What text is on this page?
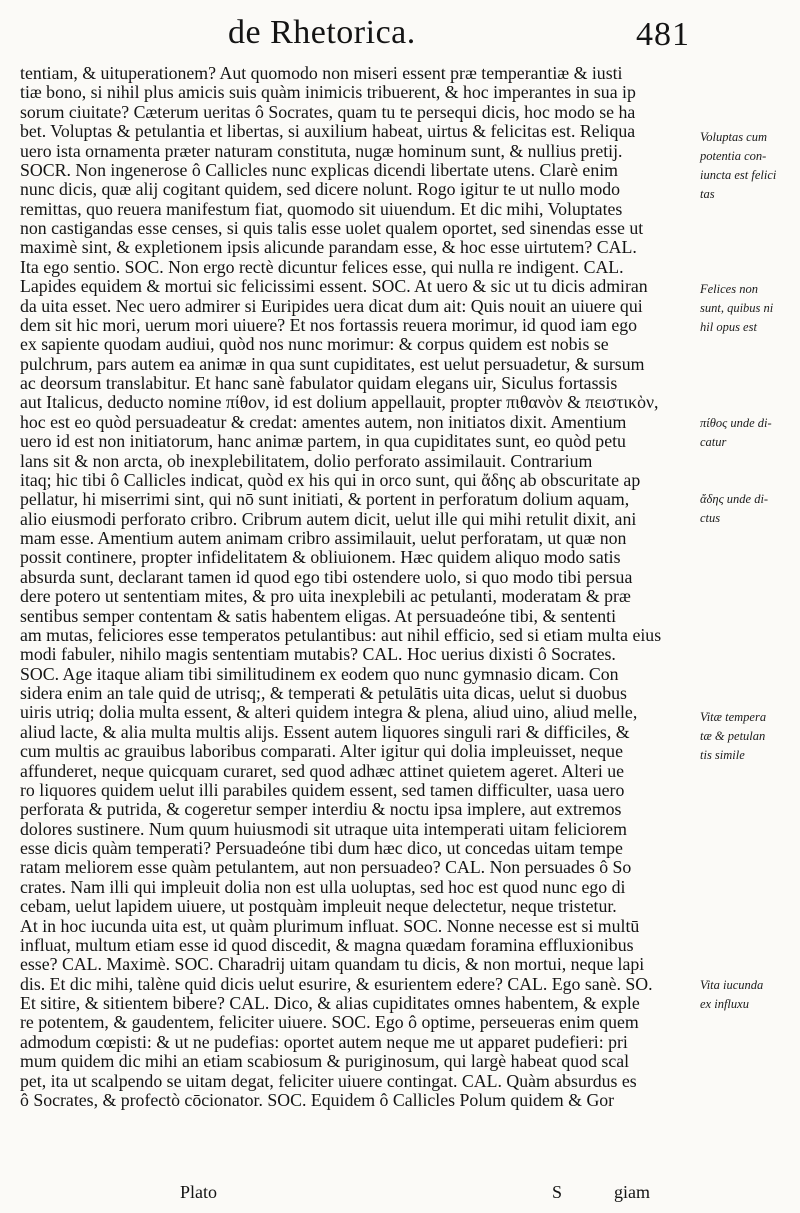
de Rhetorica.	481
tentiam, & uituperationem? Aut quomodo non miseri essent præ temperantiæ & iusti
tiæ bono, si nihil plus amicis suis quàm inimicis tribuerent, & hoc imperantes in sua ip
sorum ciuitate? Cæterum ueritas ô Socrates, quam tu te persequi dicis, hoc modo se ha
bet. Voluptas & petulantia et libertas, si auxilium habeat, uirtus & felicitas est. Reliqua
uero ista ornamenta præter naturam constituta, nugæ hominum sunt, & nullius pretij.
SOCR. Non ingenerose ô Callicles nunc explicas dicendi libertate utens. Clarè enim
nunc dicis, quæ alij cogitant quidem, sed dicere nolunt. Rogo igitur te ut nullo modo
remittas, quo reuera manifestum fiat, quomodo sit uiuendum. Et dic mihi, Voluptates
non castigandas esse censes, si quis talis esse uolet qualem oportet, sed sinendas esse ut
maximè sint, & expletionem ipsis alicunde parandam esse, & hoc esse uirtutem? CAL.
Ita ego sentio. SOC. Non ergo rectè dicuntur felices esse, qui nulla re indigent. CAL.
Lapides equidem & mortui sic felicissimi essent. SOC. At uero & sic ut tu dicis admiran
da uita esset. Nec uero admirer si Euripides uera dicat dum ait: Quis nouit an uiuere qui
dem sit hic mori, uerum mori uiuere? Et nos fortassis reuera morimur, id quod iam ego
ex sapiente quodam audiui, quòd nos nunc morimur: & corpus quidem est nobis se
pulchrum, pars autem ea animæ in qua sunt cupiditates, est uelut persuadetur, & sursum
ac deorsum translabitur. Et hanc sanè fabulator quidam elegans uir, Siculus fortassis
aut Italicus, deducto nomine πίθον, id est dolium appellauit, propter πιθανὸν & πειστικὸν,
hoc est eo quòd persuadeatur & credat: amentes autem, non initiatos dixit. Amentium
uero id est non initiatorum, hanc animæ partem, in qua cupiditates sunt, eo quòd petu
lans sit & non arcta, ob inexplebilitatem, dolio perforato assimilauit. Contrarium
itaq; hic tibi ô Callicles indicat, quòd ex his qui in orco sunt, qui ἄδης ab obscuritate ap
pellatur, hi miserrimi sint, qui nō sunt initiati, & portent in perforatum dolium aquam,
alio eiusmodi perforato cribro. Cribrum autem dicit, uelut ille qui mihi retulit dixit, ani
mam esse. Amentium autem animam cribro assimilauit, uelut perforatam, ut quæ non
possit continere, propter infidelitatem & obliuionem. Hæc quidem aliquo modo satis
absurda sunt, declarant tamen id quod ego tibi ostendere uolo, si quo modo tibi persua
dere potero ut sententiam mites, & pro uita inexplebili ac petulanti, moderatam & præ
sentibus semper contentam & satis habentem eligas. At persuadeóne tibi, & sententi
am mutas, feliciores esse temperatos petulantibus: aut nihil efficio, sed si etiam multa eius
modi fabuler, nihilo magis sententiam mutabis? CAL. Hoc uerius dixisti ô Socrates.
SOC. Age itaque aliam tibi similitudinem ex eodem quo nunc gymnasio dicam. Con
sidera enim an tale quid de utrisq;, & temperati & petulātis uita dicas, uelut si duobus
uiris utriq; dolia multa essent, & alteri quidem integra & plena, aliud uino, aliud melle,
aliud lacte, & alia multa multis alijs. Essent autem liquores singuli rari & difficiles, &
cum multis ac grauibus laboribus comparati. Alter igitur qui dolia impleuisset, neque
affunderet, neque quicquam curaret, sed quod adhæc attinet quietem ageret. Alteri ue
ro liquores quidem uelut illi parabiles quidem essent, sed tamen difficulter, uasa uero
perforata & putrida, & cogeretur semper interdiu & noctu ipsa implere, aut extremos
dolores sustinere. Num quum huiusmodi sit utraque uita intemperati uitam feliciorem
esse dicis quàm temperati? Persuadeóne tibi dum hæc dico, ut concedas uitam tempe
ratam meliorem esse quàm petulantem, aut non persuadeo? CAL. Non persuades ô So
crates. Nam illi qui impleuit dolia non est ulla uoluptas, sed hoc est quod nunc ego di
cebam, uelut lapidem uiuere, ut postquàm impleuit neque delectetur, neque tristetur.
At in hoc iucunda uita est, ut quàm plurimum influat. SOC. Nonne necesse est si multū
influat, multum etiam esse id quod discedit, & magna quædam foramina effluxionibus
esse? CAL. Maximè. SOC. Charadrij uitam quandam tu dicis, & non mortui, neque lapi
dis. Et dic mihi, talène quid dicis uelut esurire, & esurientem edere? CAL. Ego sanè. SO.
Et sitire, & sitientem bibere? CAL. Dico, & alias cupiditates omnes habentem, & exple
re potentem, & gaudentem, feliciter uiuere. SOC. Ego ô optime, perseueras enim quem
admodum cœpisti: & ut ne pudefias: oportet autem neque me ut apparet pudefieri: pri
mum quidem dic mihi an etiam scabiosum & puriginosum, qui largè habeat quod scal
pet, ita ut scalpendo se uitam degat, feliciter uiuere contingat. CAL. Quàm absurdus es
ô Socrates, & profectò cōcionator. SOC. Equidem ô Callicles Polum quidem & Gor
Voluptas cum
potentia con-
iuncta est felici
tas
Felices non
sunt, quibus ni
hil opus est
πίθος unde di-
catur
ἄδης unde di-
ctus
Vitæ tempera
tæ & petulan
tis simile
Vita iucunda
ex influxu
Plato	S	giam
